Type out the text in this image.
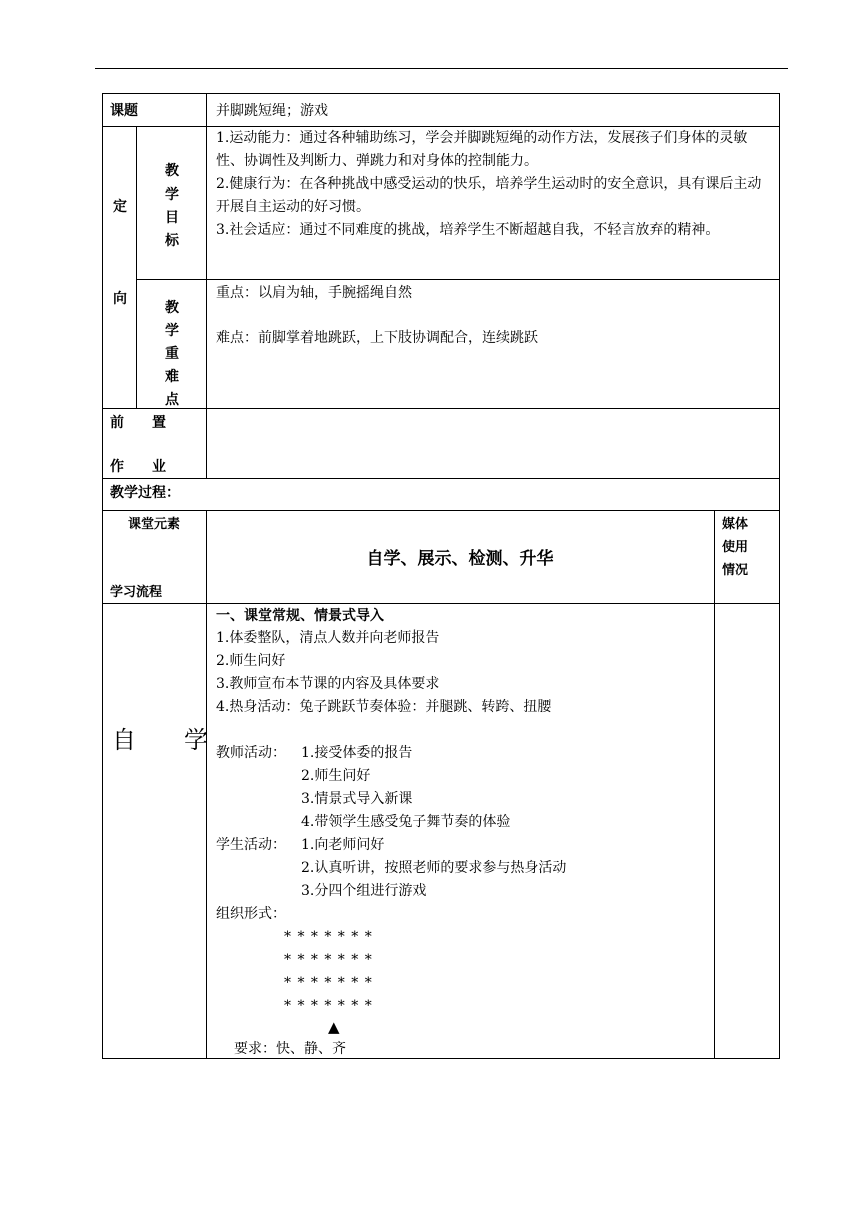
课题	并脚跳短绳；游戏
定
向
教
学
目
标
1.运动能力：通过各种辅助练习，学会并脚跳短绳的动作方法，发展孩子们身体的灵敏性、协调性及判断力、弹跳力和对身体的控制能力。
2.健康行为：在各种挑战中感受运动的快乐，培养学生运动时的安全意识，具有课后主动开展自主运动的好习惯。
3.社会适应：通过不同难度的挑战，培养学生不断超越自我，不轻言放弃的精神。
教
学
重
难
点
重点：以肩为轴，手腕摇绳自然
难点：前脚掌着地跳跃，上下肢协调配合，连续跳跃
前　　置
作　　业
教学过程：
课堂元素
学习流程
自学、展示、检测、升华
媒体
使用
情况
自　　学
一、课堂常规、情景式导入
1.体委整队，清点人数并向老师报告
2.师生问好
3.教师宣布本节课的内容及具体要求
4.热身活动：兔子跳跃节奏体验：并腿跳、转跨、扭腰
教师活动： 1.接受体委的报告
2.师生问好
3.情景式导入新课
4.带领学生感受兔子舞节奏的体验
学生活动： 1.向老师问好
2.认真听讲，按照老师的要求参与热身活动
3.分四个组进行游戏
组织形式：
* * * * * * *
* * * * * * *
* * * * * * *
* * * * * * *
▲
要求：快、静、齐
